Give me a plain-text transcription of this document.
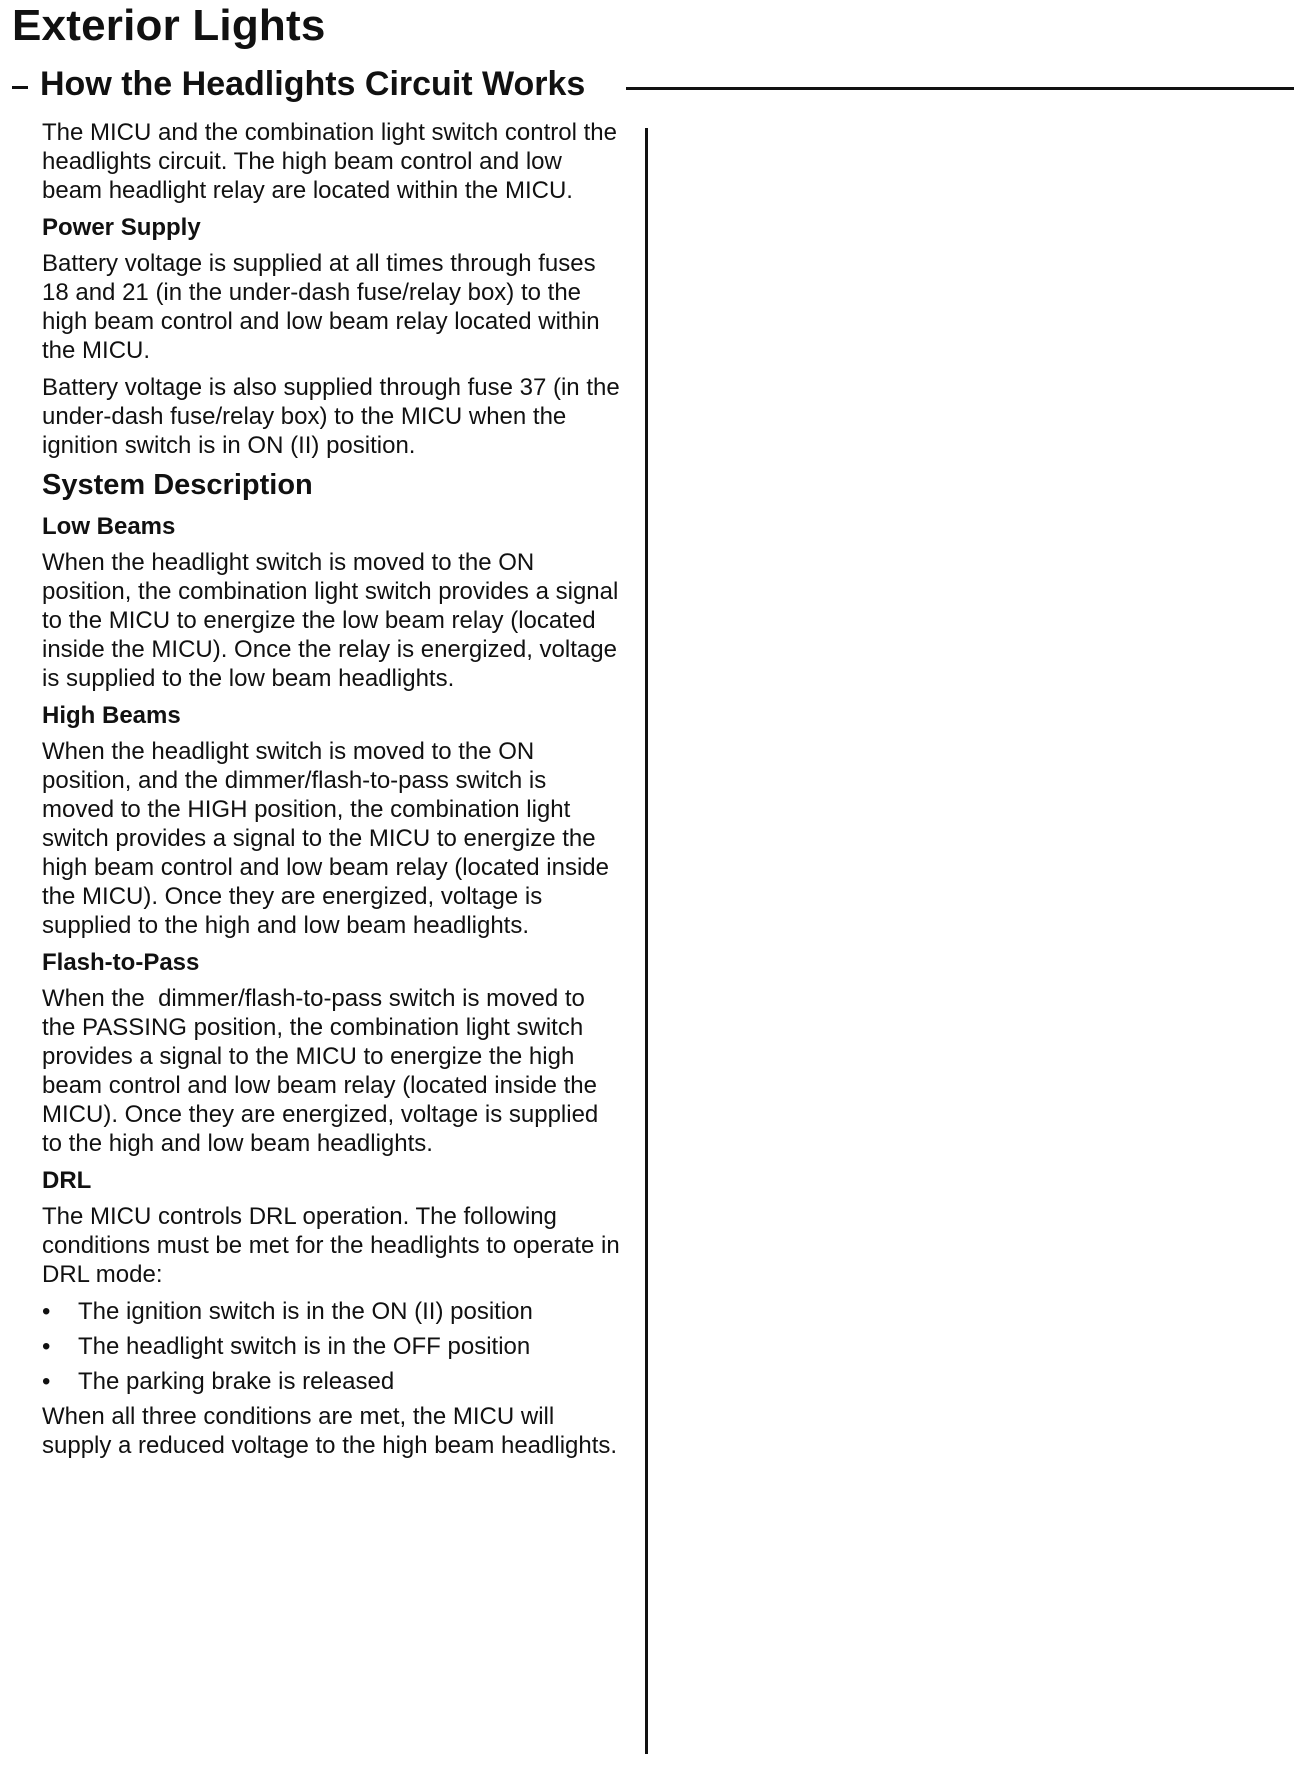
Exterior Lights
How the Headlights Circuit Works

The MICU and the combination light switch control the headlights circuit. The high beam control and low beam headlight relay are located within the MICU.

Power Supply

Battery voltage is supplied at all times through fuses 18 and 21 (in the under-dash fuse/relay box) to the high beam control and low beam relay located within the MICU.

Battery voltage is also supplied through fuse 37 (in the under-dash fuse/relay box) to the MICU when the ignition switch is in ON (II) position.

System Description
Low Beams

When the headlight switch is moved to the ON position, the combination light switch provides a signal to the MICU to energize the low beam relay (located inside the MICU). Once the relay is energized, voltage is supplied to the low beam headlights.

High Beams

When the headlight switch is moved to the ON position, and the dimmer/flash-to-pass switch is moved to the HIGH position, the combination light switch provides a signal to the MICU to energize the high beam control and low beam relay (located inside the MICU). Once they are energized, voltage is supplied to the high and low beam headlights.

Flash-to-Pass

When the  dimmer/flash-to-pass switch is moved to the PASSING position, the combination light switch provides a signal to the MICU to energize the high beam control and low beam relay (located inside the MICU). Once they are energized, voltage is supplied to the high and low beam headlights.

DRL

The MICU controls DRL operation. The following conditions must be met for the headlights to operate in DRL mode:

• The ignition switch is in the ON (II) position
• The headlight switch is in the OFF position
• The parking brake is released

When all three conditions are met, the MICU will supply a reduced voltage to the high beam headlights.
